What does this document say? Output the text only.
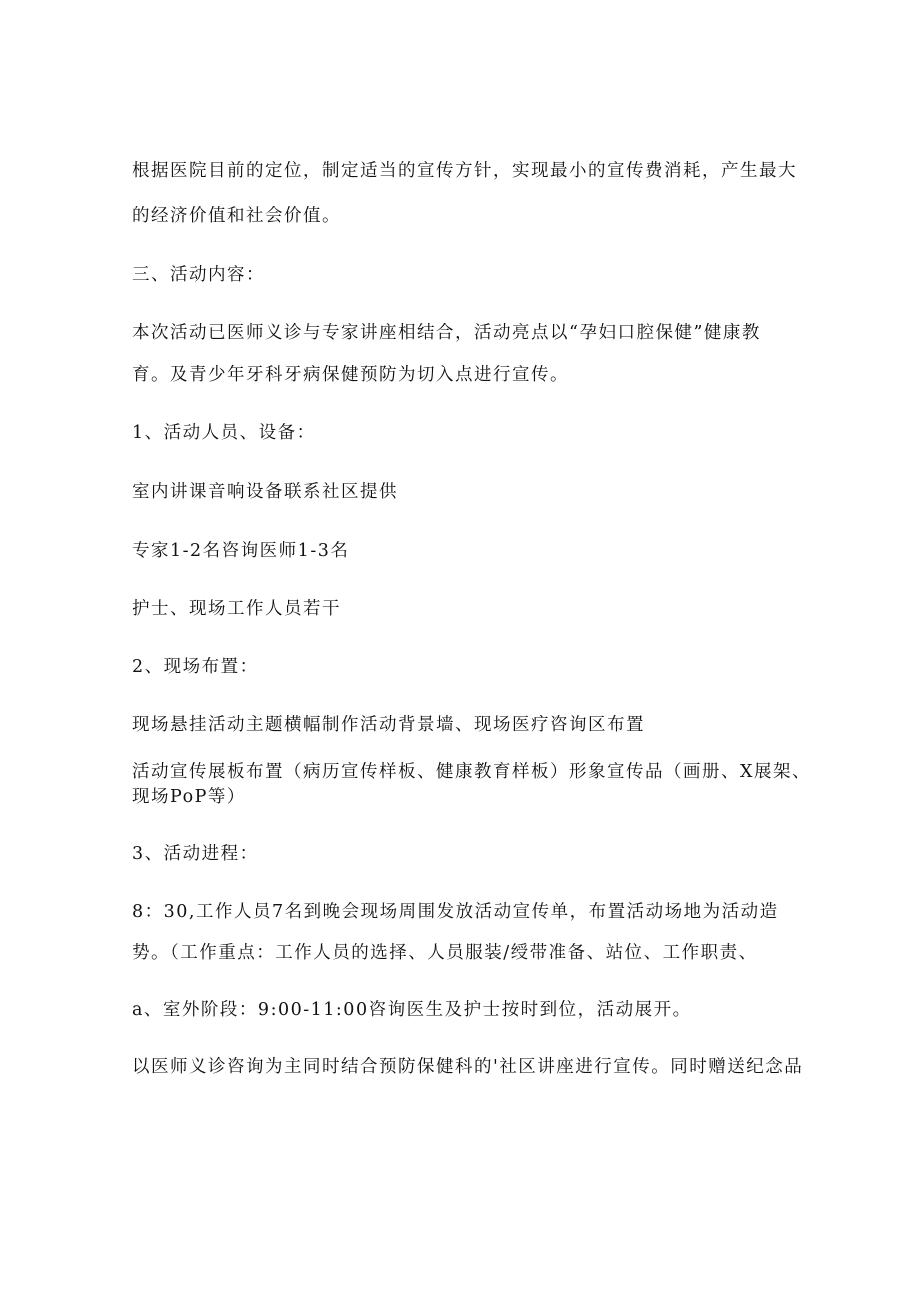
根据医院目前的定位，制定适当的宣传方针，实现最小的宣传费消耗，产生最大

的经济价值和社会价值。

三、活动内容：

本次活动已医师义诊与专家讲座相结合，活动亮点以“孕妇口腔保健”健康教

育。及青少年牙科牙病保健预防为切入点进行宣传。

1、活动人员、设备：

室内讲课音响设备联系社区提供

专家1-2名咨询医师1-3名

护士、现场工作人员若干

2、现场布置：

现场悬挂活动主题横幅制作活动背景墙、现场医疗咨询区布置

活动宣传展板布置（病历宣传样板、健康教育样板）形象宣传品（画册、X展架、

现场PoP等）

3、活动进程：

8：30,工作人员7名到晚会现场周围发放活动宣传单，布置活动场地为活动造

势。（工作重点：工作人员的选择、人员服装/绶带准备、站位、工作职责、

a、室外阶段：9:00-11:00咨询医生及护士按时到位，活动展开。

以医师义诊咨询为主同时结合预防保健科的'社区讲座进行宣传。同时赠送纪念品
